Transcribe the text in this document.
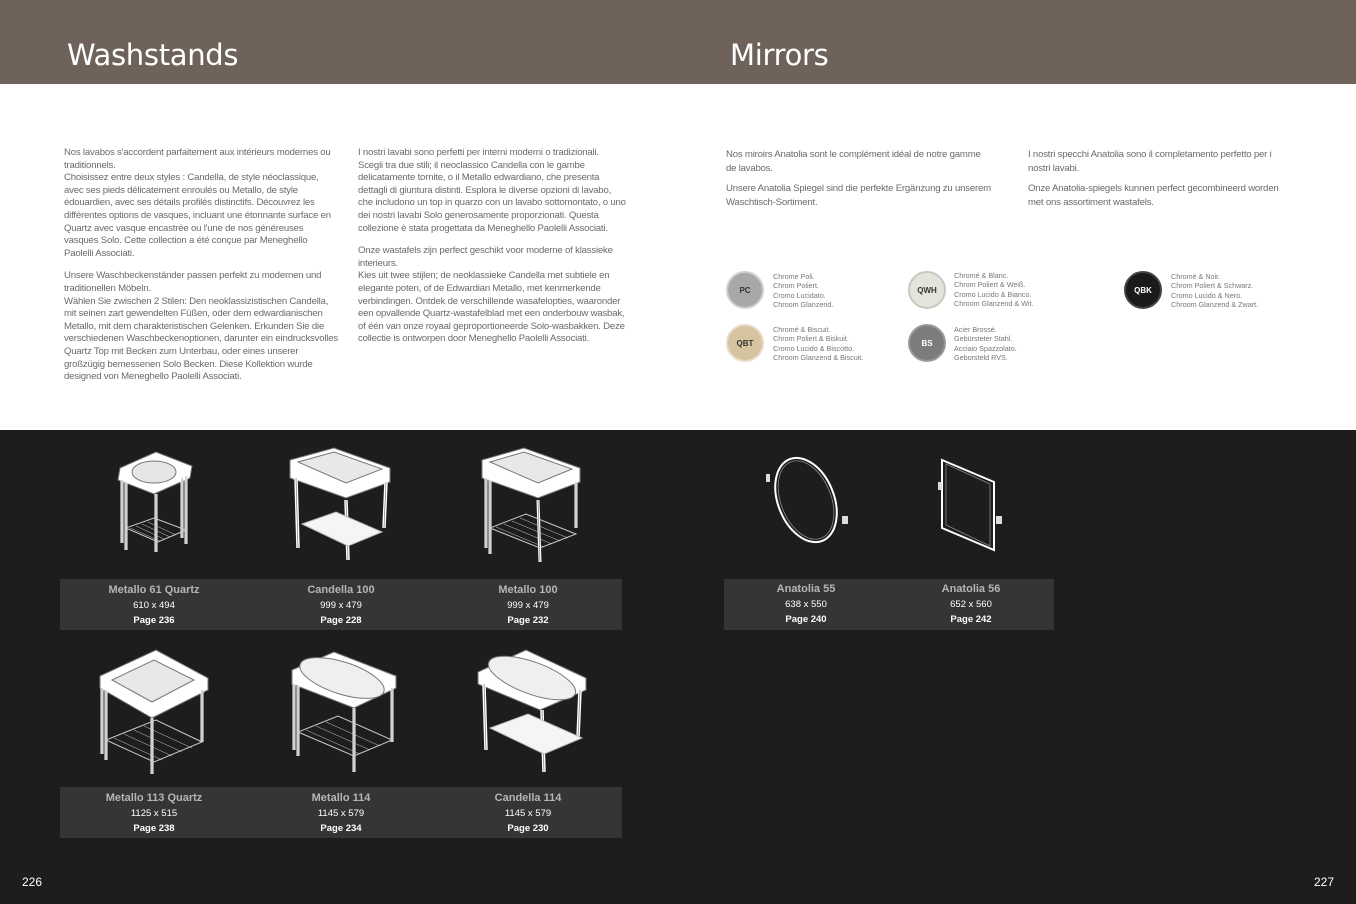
Washstands	Mirrors

Nos lavabos s'accordent parfaitement aux intérieurs modernes ou traditionnels.

Choisissez entre deux styles : Candella, de style néoclassique, avec ses pieds délicatement enroulés ou Metallo, de style édouardien, avec ses détails profilés distinctifs. Découvrez les différentes options de vasques, incluant une étonnante surface en Quartz avec vasque encastrée ou l'une de nos généreuses vasques Solo. Cette collection a été conçue par Meneghello Paolelli Associati.

Unsere Waschbeckenständer passen perfekt zu modernen und traditionellen Möbeln.

Wählen Sie zwischen 2 Stilen: Den neoklassizistischen Candella, mit seinen zart gewendelten Füßen, oder dem edwardianischen Metallo, mit dem charakteristischen Gelenken. Erkunden Sie die verschiedenen Waschbeckenoptionen, darunter ein eindrucksvolles Quartz Top mit Becken zum Unterbau, oder eines unserer großzügig bemessenen Solo Becken. Diese Kollektion wurde designed von Meneghello Paolelli Associati.

I nostri lavabi sono perfetti per interni moderni o tradizionali.

Scegli tra due stili; il neoclassico Candella con le gambe delicatamente tornite, o il Metallo edwardiano, che presenta dettagli di giuntura distinti. Esplora le diverse opzioni di lavabo, che includono un top in quarzo con un lavabo sottomontato, o uno dei nostri lavabi Solo generosamente proporzionati. Questa collezione è stata progettata da Meneghello Paolelli Associati.

Onze wastafels zijn perfect geschikt voor moderne of klassieke interieurs.

Kies uit twee stijlen; de neoklassieke Candella met subtiele en elegante poten, of de Edwardian Metallo, met kenmerkende verbindingen. Ontdek de verschillende wasafelopties, waaronder een opvallende Quartz-wastafelblad met een onderbouw wasbak, of één van onze royaal geproportioneerde Solo-wasbakken. Deze collectie is ontworpen door Meneghello Paolelli Associati.

Nos miroirs Anatolia sont le complément idéal de notre gamme de lavabos.

Unsere Anatolia Spiegel sind die perfekte Ergänzung zu unserem Waschtisch-Sortiment.

I nostri specchi Anatolia sono il completamento perfetto per i nostri lavabi.

Onze Anatolia-spiegels kunnen perfect gecombineerd worden met ons assortiment wastafels.

PC
Chrome Poli.
Chrom Poliert.
Cromo Lucidato.
Chroom Glanzend.
QWH
Chromé & Blanc.
Chrom Poliert & Weiß.
Cromo Lucido & Bianco.
Chroom Glanzend & Wit.
QBK
Chromé & Noir.
Chrom Poliert & Schwarz.
Cromo Lucido & Nero.
Chroom Glanzend & Zwart.
QBT
Chromé & Biscuit.
Chrom Poliert & Biskuit.
Cromo Lucido & Biscotto.
Chroom Glanzend & Biscuit.
BS
Acier Brossé.
Gebürsteter Stahl.
Acciaio Spazzolato.
Geborsteld RVS.
Metallo 61 Quartz
610 x 494
Page 236
Candella 100
999 x 479
Page 228
Metallo 100
999 x 479
Page 232
Metallo 113 Quartz
1125 x 515
Page 238
Metallo 114
1145 x 579
Page 234
Candella 114
1145 x 579
Page 230
Anatolia 55
638 x 550
Page 240
Anatolia 56
652 x 560
Page 242
226	227
